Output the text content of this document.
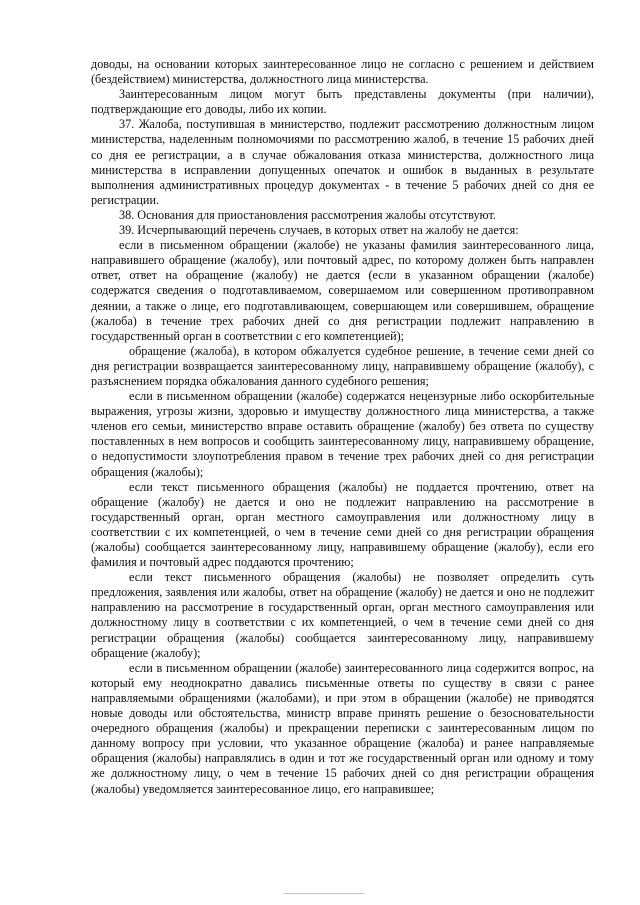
доводы, на основании которых заинтересованное лицо не согласно с решением и действием (бездействием) министерства, должностного лица министерства.

Заинтересованным лицом могут быть представлены документы (при наличии), подтверждающие его доводы, либо их копии.

37. Жалоба, поступившая в министерство, подлежит рассмотрению должностным лицом министерства, наделенным полномочиями по рассмотрению жалоб, в течение 15 рабочих дней со дня ее регистрации, а в случае обжалования отказа министерства, должностного лица министерства в исправлении допущенных опечаток и ошибок в выданных в результате выполнения административных процедур документах - в течение 5 рабочих дней со дня ее регистрации.

38. Основания для приостановления рассмотрения жалобы отсутствуют.

39. Исчерпывающий перечень случаев, в которых ответ на жалобу не дается:

если в письменном обращении (жалобе) не указаны фамилия заинтересованного лица, направившего обращение (жалобу), или почтовый адрес, по которому должен быть направлен ответ, ответ на обращение (жалобу) не дается (если в указанном обращении (жалобе) содержатся сведения о подготавливаемом, совершаемом или совершенном противоправном деянии, а также о лице, его подготавливающем, совершающем или совершившем, обращение (жалоба) в течение трех рабочих дней со дня регистрации подлежит направлению в государственный орган в соответствии с его компетенцией);

обращение (жалоба), в котором обжалуется судебное решение, в течение семи дней со дня регистрации возвращается заинтересованному лицу, направившему обращение (жалобу), с разъяснением порядка обжалования данного судебного решения;

если в письменном обращении (жалобе) содержатся нецензурные либо оскорбительные выражения, угрозы жизни, здоровью и имуществу должностного лица министерства, а также членов его семьи, министерство вправе оставить обращение (жалобу) без ответа по существу поставленных в нем вопросов и сообщить заинтересованному лицу, направившему обращение, о недопустимости злоупотребления правом в течение трех рабочих дней со дня регистрации обращения (жалобы);

если текст письменного обращения (жалобы) не поддается прочтению, ответ на обращение (жалобу) не дается и оно не подлежит направлению на рассмотрение в государственный орган, орган местного самоуправления или должностному лицу в соответствии с их компетенцией, о чем в течение семи дней со дня регистрации обращения (жалобы) сообщается заинтересованному лицу, направившему обращение (жалобу), если его фамилия и почтовый адрес поддаются прочтению;

если текст письменного обращения (жалобы) не позволяет определить суть предложения, заявления или жалобы, ответ на обращение (жалобу) не дается и оно не подлежит направлению на рассмотрение в государственный орган, орган местного самоуправления или должностному лицу в соответствии с их компетенцией, о чем в течение семи дней со дня регистрации обращения (жалобы) сообщается заинтересованному лицу, направившему обращение (жалобу);

если в письменном обращении (жалобе) заинтересованного лица содержится вопрос, на который ему неоднократно давались письменные ответы по существу в связи с ранее направляемыми обращениями (жалобами), и при этом в обращении (жалобе) не приводятся новые доводы или обстоятельства, министр вправе принять решение о безосновательности очередного обращения (жалобы) и прекращении переписки с заинтересованным лицом по данному вопросу при условии, что указанное обращение (жалоба) и ранее направляемые обращения (жалобы) направлялись в один и тот же государственный орган или одному и тому же должностному лицу, о чем в течение 15 рабочих дней со дня регистрации обращения (жалобы) уведомляется заинтересованное лицо, его направившее;
